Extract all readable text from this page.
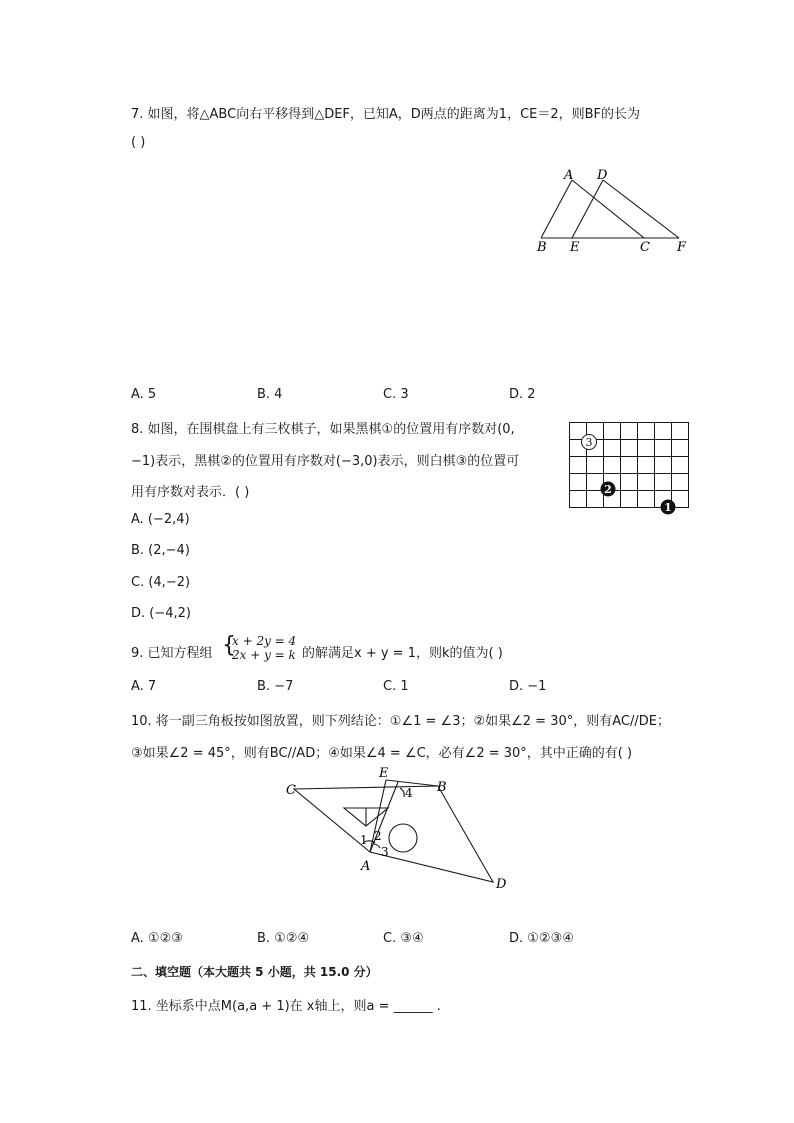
7. 如图，将△ABC向右平移得到△DEF，已知A，D两点的距离为1，CE＝2，则BF的长为
( )
A D
B E	C F
A. 5	B. 4	C. 3	D. 2
8. 如图，在围棋盘上有三枚棋子，如果黑棋①的位置用有序数对(0,
−1)表示，黑棋②的位置用有序数对(−3,0)表示，则白棋③的位置可
用有序数对表示．( )
3
2
1
A. (−2,4)
B. (2,−4)
C. (4,−2)
D. (−4,2)
9. 已知方程组 {
x + 2y = 4
2x + y = k 的解满足x + y = 1，则k的值为( )
A. 7	B. −7	C. 1	D. −1
10. 将一副三角板按如图放置，则下列结论：①∠1 = ∠3；②如果∠2 = 30°，则有AC//DE；
③如果∠2 = 45°，则有BC//AD；④如果∠4 = ∠C，必有∠2 = 30°，其中正确的有( )
C
E
B
A
D
1 2
3
4
A. ①②③	B. ①②④	C. ③④	D. ①②③④
二、填空题（本大题共 5 小题，共 15.0 分）
11. 坐标系中点M(a,a + 1)在 x轴上，则a = ______ .
